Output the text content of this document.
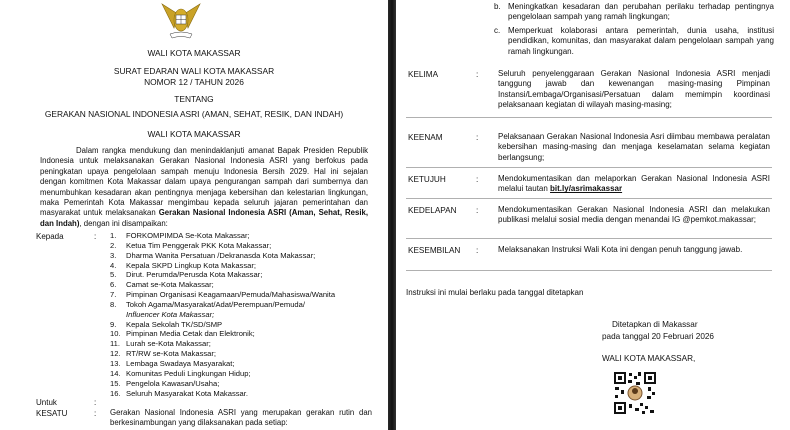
WALI KOTA MAKASSAR
SURAT EDARAN WALI KOTA MAKASSAR
NOMOR 12 / TAHUN 2026
TENTANG
GERAKAN NASIONAL INDONESIA ASRI (AMAN, SEHAT, RESIK, DAN INDAH)
WALI KOTA MAKASSAR
Dalam rangka mendukung dan menindaklanjuti amanat Bapak Presiden Republik Indonesia untuk melaksanakan Gerakan Nasional Indonesia ASRI yang berfokus pada peningkatan upaya pengelolaan sampah menuju Indonesia Bersih 2029. Hal ini sejalan dengan komitmen Kota Makassar dalam upaya pengurangan sampah dari sumbernya dan menumbuhkan kesadaran akan pentingnya menjaga kebersihan dan kelestarian lingkungan, maka Pemerintah Kota Makassar mengimbau kepada seluruh jajaran pemerintahan dan masyarakat untuk melaksanakan Gerakan Nasional Indonesia ASRI (Aman, Sehat, Resik, dan Indah), dengan ini disampaikan:
Kepada	: 1. FORKOMPIMDA Se-Kota Makassar;
2. Ketua Tim Penggerak PKK Kota Makassar;
3. Dharma Wanita Persatuan /Dekranasda Kota Makassar;
4. Kepala SKPD Lingkup Kota Makassar;
5. Dirut. Perumda/Perusda Kota Makassar;
6. Camat se-Kota Makassar;
7. Pimpinan Organisasi Keagamaan/Pemuda/Mahasiswa/Wanita
8. Tokoh Agama/Masyarakat/Adat/Perempuan/Pemuda/
Influencer Kota Makassar;
9. Kepala Sekolah TK/SD/SMP
10. Pimpinan Media Cetak dan Elektronik;
11. Lurah se-Kota Makassar;
12. RT/RW se-Kota Makassar;
13. Lembaga Swadaya Masyarakat;
14. Komunitas Peduli Lingkungan Hidup;
15. Pengelola Kawasan/Usaha;
16. Seluruh Masyarakat Kota Makassar.
Untuk	:
KESATU	: Gerakan Nasional Indonesia ASRI yang merupakan gerakan rutin dan berkesinambungan yang dilaksanakan pada setiap:
b. Meningkatkan kesadaran dan perubahan perilaku terhadap pentingnya pengelolaan sampah yang ramah lingkungan;
c. Memperkuat kolaborasi antara pemerintah, dunia usaha, institusi pendidikan, komunitas, dan masyarakat dalam pengelolaan sampah yang ramah lingkungan.
KELIMA	: Seluruh penyelenggaraan Gerakan Nasional Indonesia ASRI menjadi tanggung jawab dan kewenangan masing-masing Pimpinan Instansi/Lembaga/Organisasi/Persatuan dalam memimpin koordinasi pelaksanaan kegiatan di wilayah masing-masing;
KEENAM	: Pelaksanaan Gerakan Nasional Indonesia Asri diimbau membawa peralatan kebersihan masing-masing dan menjaga keselamatan selama kegiatan berlangsung;
KETUJUH	: Mendokumentasikan dan melaporkan Gerakan Nasional Indonesia ASRI melalui tautan bit.ly/asrimakassar
KEDELAPAN : Mendokumentasikan Gerakan Nasional Indonesia ASRI dan melakukan publikasi melalui sosial media dengan menandai IG @pemkot.makassar;
KESEMBILAN : Melaksanakan Instruksi Wali Kota ini dengan penuh tanggung jawab.
Instruksi ini mulai berlaku pada tanggal ditetapkan
Ditetapkan di Makassar
pada tanggal 20 Februari 2026
WALI KOTA MAKASSAR,
